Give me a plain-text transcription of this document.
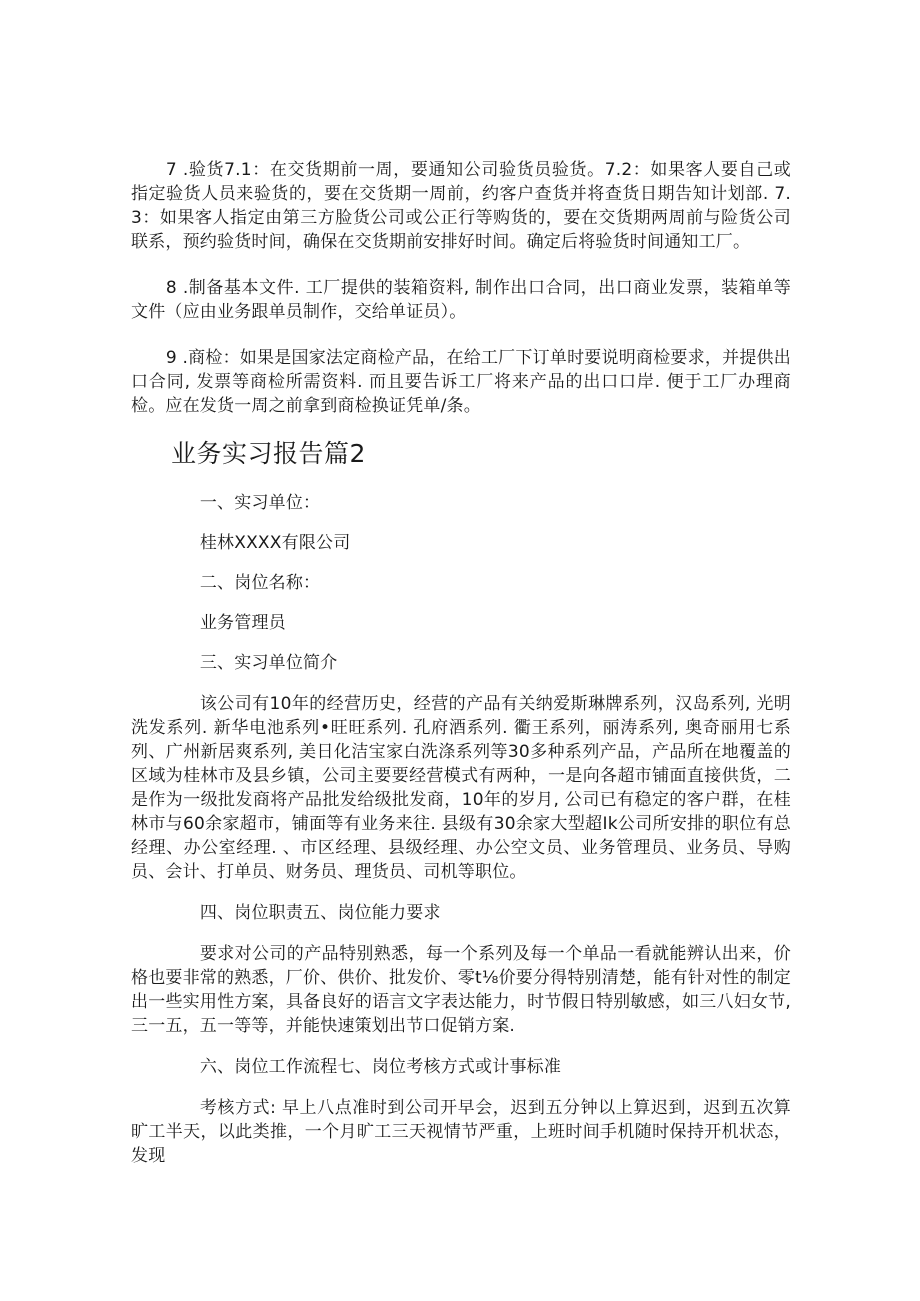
7 .验货7.1：在交货期前一周，要通知公司验货员验货。7.2：如果客人要自己或指定验货人员来验货的，要在交货期一周前，约客户查货并将查货日期告知计划部. 7.3：如果客人指定由第三方脸货公司或公正行等购货的，要在交货期两周前与险货公司联系，预约验货时间，确保在交货期前安排好时间。确定后将验货时间通知工厂。

8 .制备基本文件. 工厂提供的装箱资料, 制作出口合同，出口商业发票，装箱单等文件（应由业务跟单员制作，交给单证员）。

9 .商检：如果是国家法定商检产品，在给工厂下订单时要说明商检要求，并提供出口合同, 发票等商检所需资料. 而且要告诉工厂将来产品的出口口岸. 便于工厂办理商检。应在发货一周之前拿到商检换证凭单/条。

业务实习报告篇2

一、实习单位：

桂林XXXX有限公司

二、岗位名称：

业务管理员

三、实习单位简介

该公司有10年的经营历史，经营的产品有关纳爱斯琳牌系列，汉岛系列, 光明洗发系列. 新华电池系列•旺旺系列. 孔府酒系列. 衢王系列，丽涛系列, 奥奇丽用七系列、广州新居爽系列, 美日化洁宝家白洗涤系列等30多种系列产品，产品所在地覆盖的区域为桂林市及县乡镇，公司主要要经营模式有两种，一是向各超市铺面直接供货，二是作为一级批发商将产品批发给级批发商，10年的岁月, 公司已有稳定的客户群，在桂林市与60余家超市，铺面等有业务来往. 县级有30余家大型超Ik公司所安排的职位有总经理、办公室经理. 、市区经理、县级经理、办公空文员、业务管理员、业务员、导购员、会计、打单员、财务员、理货员、司机等职位。

四、岗位职责五、岗位能力要求

要求对公司的产品特别熟悉，每一个系列及每一个单品一看就能辨认出来，价格也要非常的熟悉，厂价、供价、批发价、零t⅛价要分得特别清楚，能有针对性的制定出一些实用性方案，具备良好的语言文字表达能力，时节假日特别敏感，如三八妇女节, 三一五，五一等等，并能快速策划出节口促销方案.

六、岗位工作流程七、岗位考核方式或计事标准

考核方式: 早上八点准时到公司开早会，迟到五分钟以上算迟到，迟到五次算旷工半天，以此类推，一个月旷工三天视情节严重，上班时间手机随时保持开机状态，发现
